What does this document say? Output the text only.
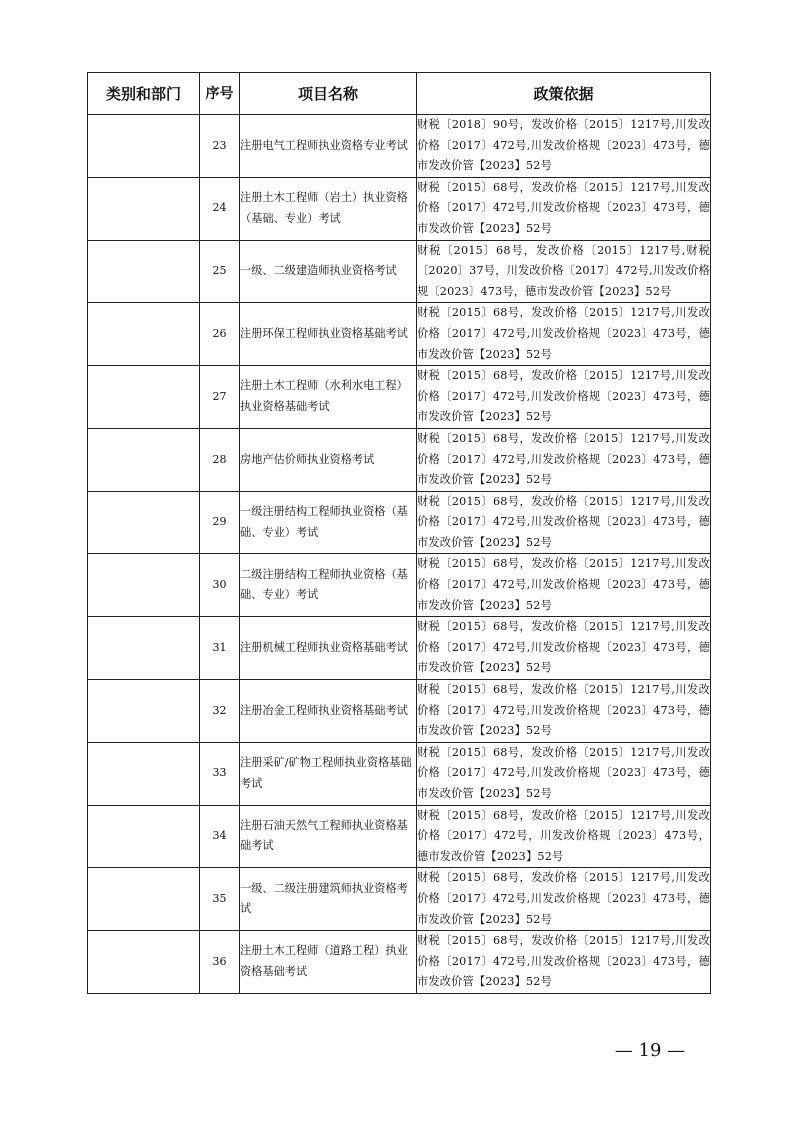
类别和部门	序号	项目名称	政策依据
	23	注册电气工程师执业资格专业考试	财税〔2018〕90号，发改价格〔2015〕1217号,川发改价格〔2017〕472号,川发改价格规〔2023〕473号，德市发改价管【2023】52号
	24	注册土木工程师（岩土）执业资格（基础、专业）考试	财税〔2015〕68号，发改价格〔2015〕1217号,川发改价格〔2017〕472号,川发改价格规〔2023〕473号，德市发改价管【2023】52号
	25	一级、二级建造师执业资格考试	财税〔2015〕68号，发改价格〔2015〕1217号,财税〔2020〕37号，川发改价格〔2017〕472号,川发改价格规〔2023〕473号，德市发改价管【2023】52号
	26	注册环保工程师执业资格基础考试	财税〔2015〕68号，发改价格〔2015〕1217号,川发改价格〔2017〕472号,川发改价格规〔2023〕473号，德市发改价管【2023】52号
	27	注册土木工程师（水利水电工程）执业资格基础考试	财税〔2015〕68号，发改价格〔2015〕1217号,川发改价格〔2017〕472号,川发改价格规〔2023〕473号，德市发改价管【2023】52号
	28	房地产估价师执业资格考试	财税〔2015〕68号，发改价格〔2015〕1217号,川发改价格〔2017〕472号,川发改价格规〔2023〕473号，德市发改价管【2023】52号
	29	一级注册结构工程师执业资格（基础、专业）考试	财税〔2015〕68号，发改价格〔2015〕1217号,川发改价格〔2017〕472号,川发改价格规〔2023〕473号，德市发改价管【2023】52号
	30	二级注册结构工程师执业资格（基础、专业）考试	财税〔2015〕68号，发改价格〔2015〕1217号,川发改价格〔2017〕472号,川发改价格规〔2023〕473号，德市发改价管【2023】52号
	31	注册机械工程师执业资格基础考试	财税〔2015〕68号，发改价格〔2015〕1217号,川发改价格〔2017〕472号,川发改价格规〔2023〕473号，德市发改价管【2023】52号
	32	注册冶金工程师执业资格基础考试	财税〔2015〕68号，发改价格〔2015〕1217号,川发改价格〔2017〕472号,川发改价格规〔2023〕473号，德市发改价管【2023】52号
	33	注册采矿/矿物工程师执业资格基础考试	财税〔2015〕68号，发改价格〔2015〕1217号,川发改价格〔2017〕472号,川发改价格规〔2023〕473号，德市发改价管【2023】52号
	34	注册石油天然气工程师执业资格基础考试	财税〔2015〕68号，发改价格〔2015〕1217号,川发改价格〔2017〕472号，川发改价格规〔2023〕473号，德市发改价管【2023】52号
	35	一级、二级注册建筑师执业资格考试	财税〔2015〕68号，发改价格〔2015〕1217号,川发改价格〔2017〕472号,川发改价格规〔2023〕473号，德市发改价管【2023】52号
	36	注册土木工程师（道路工程）执业资格基础考试	财税〔2015〕68号，发改价格〔2015〕1217号,川发改价格〔2017〕472号,川发改价格规〔2023〕473号，德市发改价管【2023】52号
— 19 —
